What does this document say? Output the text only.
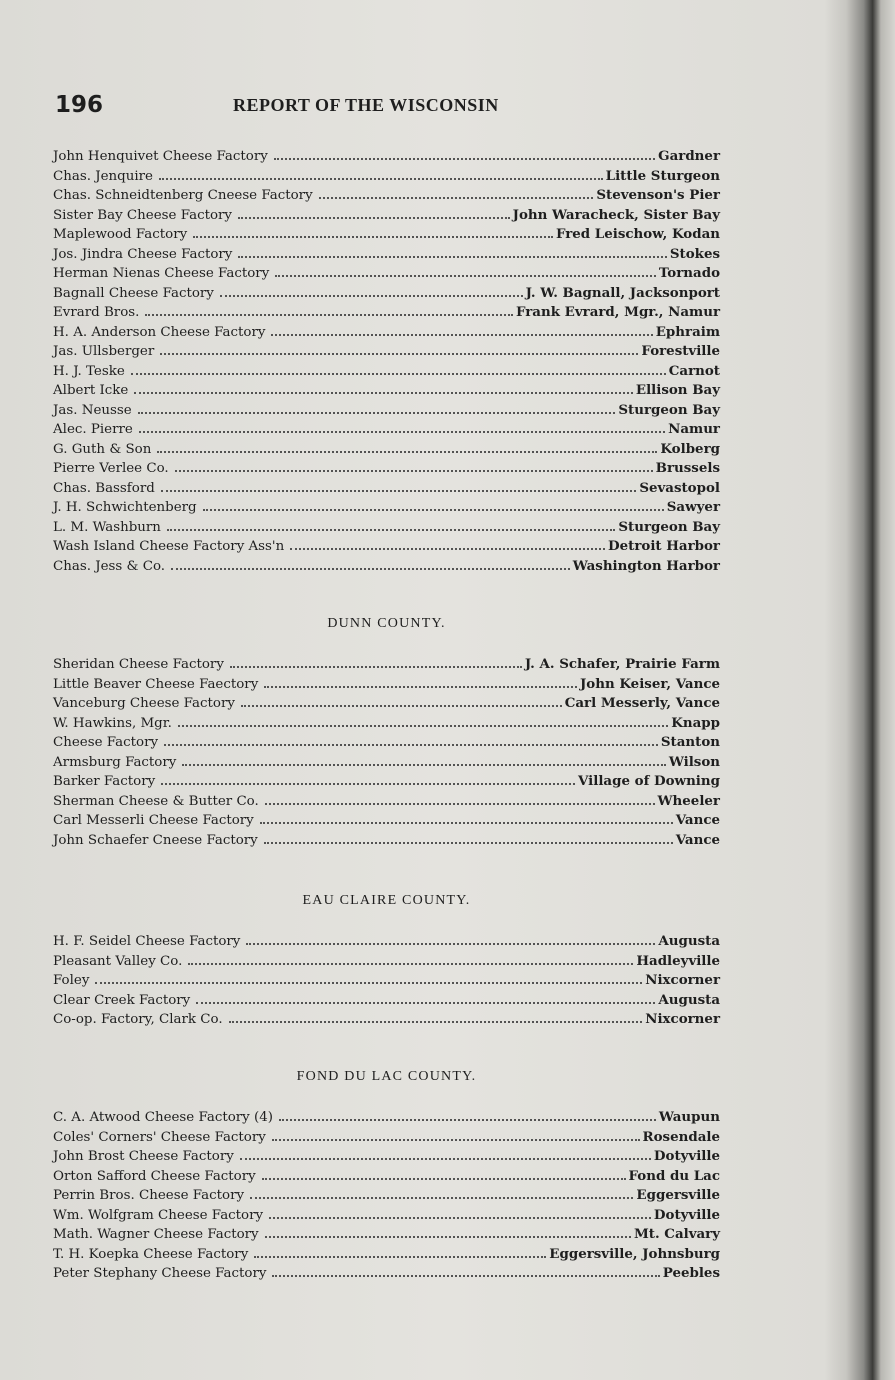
196	REPORT OF THE WISCONSIN
John Henquivet Cheese Factory	Gardner
Chas. Jenquire	Little Sturgeon
Chas. Schneidtenberg Cneese Factory	Stevenson's Pier
Sister Bay Cheese Factory	John Waracheck, Sister Bay
Maplewood Factory	Fred Leischow, Kodan
Jos. Jindra Cheese Factory	Stokes
Herman Nienas Cheese Factory	Tornado
Bagnall Cheese Factory	J. W. Bagnall, Jacksonport
Evrard Bros.	Frank Evrard, Mgr., Namur
H. A. Anderson Cheese Factory	Ephraim
Jas. Ullsberger	Forestville
H. J. Teske	Carnot
Albert Icke	Ellison Bay
Jas. Neusse	Sturgeon Bay
Alec. Pierre	Namur
G. Guth & Son	Kolberg
Pierre Verlee Co.	Brussels
Chas. Bassford	Sevastopol
J. H. Schwichtenberg	Sawyer
L. M. Washburn	Sturgeon Bay
Wash Island Cheese Factory Ass'n	Detroit Harbor
Chas. Jess & Co.	Washington Harbor
DUNN COUNTY.
Sheridan Cheese Factory	J. A. Schafer, Prairie Farm
Little Beaver Cheese Faectory	John Keiser, Vance
Vanceburg Cheese Factory	Carl Messerly, Vance
W. Hawkins, Mgr.	Knapp
Cheese Factory	Stanton
Armsburg Factory	Wilson
Barker Factory	Village of Downing
Sherman Cheese & Butter Co.	Wheeler
Carl Messerli Cheese Factory	Vance
John Schaefer Cneese Factory	Vance
EAU CLAIRE COUNTY.
H. F. Seidel Cheese Factory	Augusta
Pleasant Valley Co.	Hadleyville
Foley	Nixcorner
Clear Creek Factory	Augusta
Co-op. Factory, Clark Co.	Nixcorner
FOND DU LAC COUNTY.
C. A. Atwood Cheese Factory (4)	Waupun
Coles' Corners' Cheese Factory	Rosendale
John Brost Cheese Factory	Dotyville
Orton Safford Cheese Factory	Fond du Lac
Perrin Bros. Cheese Factory	Eggersville
Wm. Wolfgram Cheese Factory	Dotyville
Math. Wagner Cheese Factory	Mt. Calvary
T. H. Koepka Cheese Factory	Eggersville, Johnsburg
Peter Stephany Cheese Factory	Peebles
